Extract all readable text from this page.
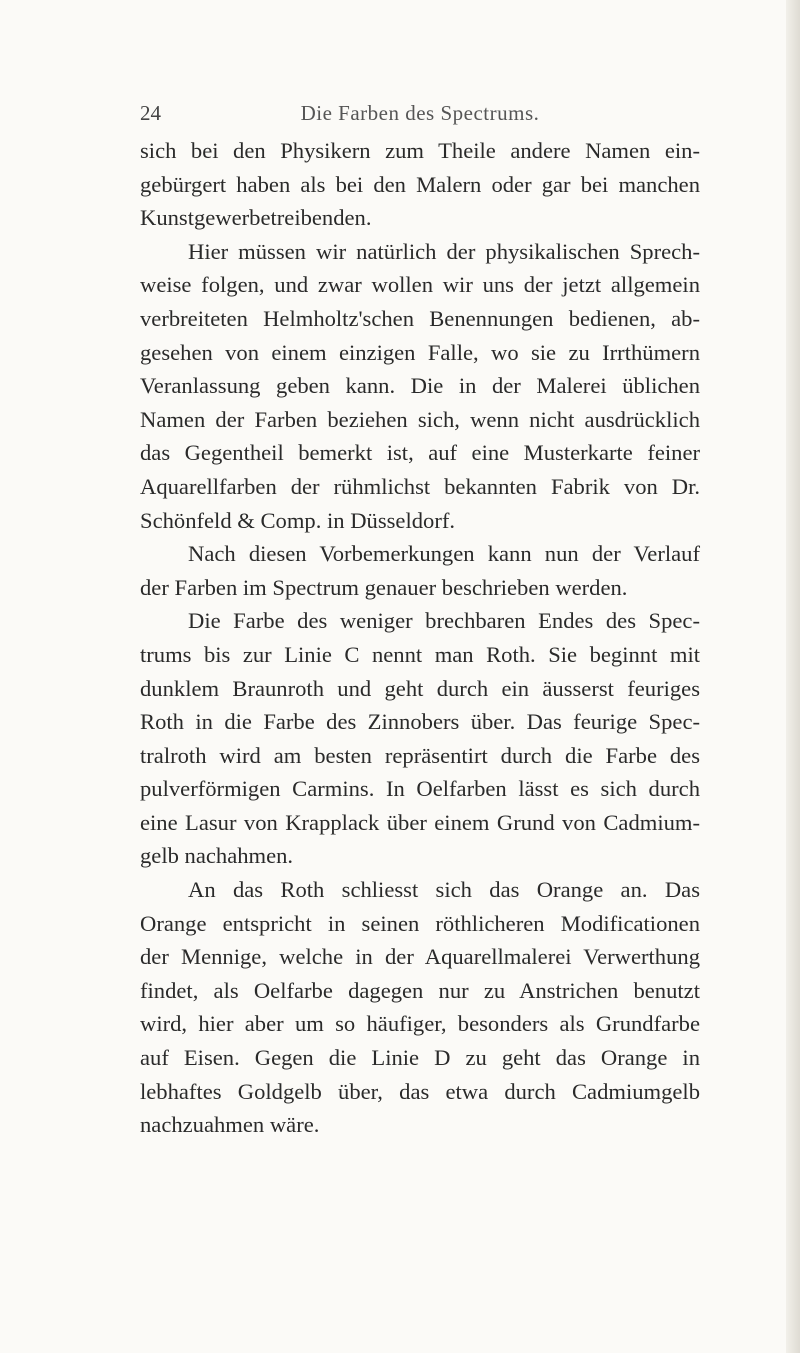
24	Die Farben des Spectrums.
sich bei den Physikern zum Theile andere Namen ein-
gebürgert haben als bei den Malern oder gar bei manchen
Kunstgewerbetreibenden.
Hier müssen wir natürlich der physikalischen Sprech-
weise folgen, und zwar wollen wir uns der jetzt allgemein
verbreiteten Helmholtz'schen Benennungen bedienen, ab-
gesehen von einem einzigen Falle, wo sie zu Irrthümern
Veranlassung geben kann. Die in der Malerei üblichen
Namen der Farben beziehen sich, wenn nicht ausdrücklich
das Gegentheil bemerkt ist, auf eine Musterkarte feiner
Aquarellfarben der rühmlichst bekannten Fabrik von Dr.
Schönfeld & Comp. in Düsseldorf.
Nach diesen Vorbemerkungen kann nun der Verlauf
der Farben im Spectrum genauer beschrieben werden.
Die Farbe des weniger brechbaren Endes des Spec-
trums bis zur Linie C nennt man Roth. Sie beginnt mit
dunklem Braunroth und geht durch ein äusserst feuriges
Roth in die Farbe des Zinnobers über. Das feurige Spec-
tralroth wird am besten repräsentirt durch die Farbe des
pulverförmigen Carmins. In Oelfarben lässt es sich durch
eine Lasur von Krapplack über einem Grund von Cadmium-
gelb nachahmen.
An das Roth schliesst sich das Orange an. Das
Orange entspricht in seinen röthlicheren Modificationen
der Mennige, welche in der Aquarellmalerei Verwerthung
findet, als Oelfarbe dagegen nur zu Anstrichen benutzt
wird, hier aber um so häufiger, besonders als Grundfarbe
auf Eisen. Gegen die Linie D zu geht das Orange in
lebhaftes Goldgelb über, das etwa durch Cadmiumgelb
nachzuahmen wäre.
